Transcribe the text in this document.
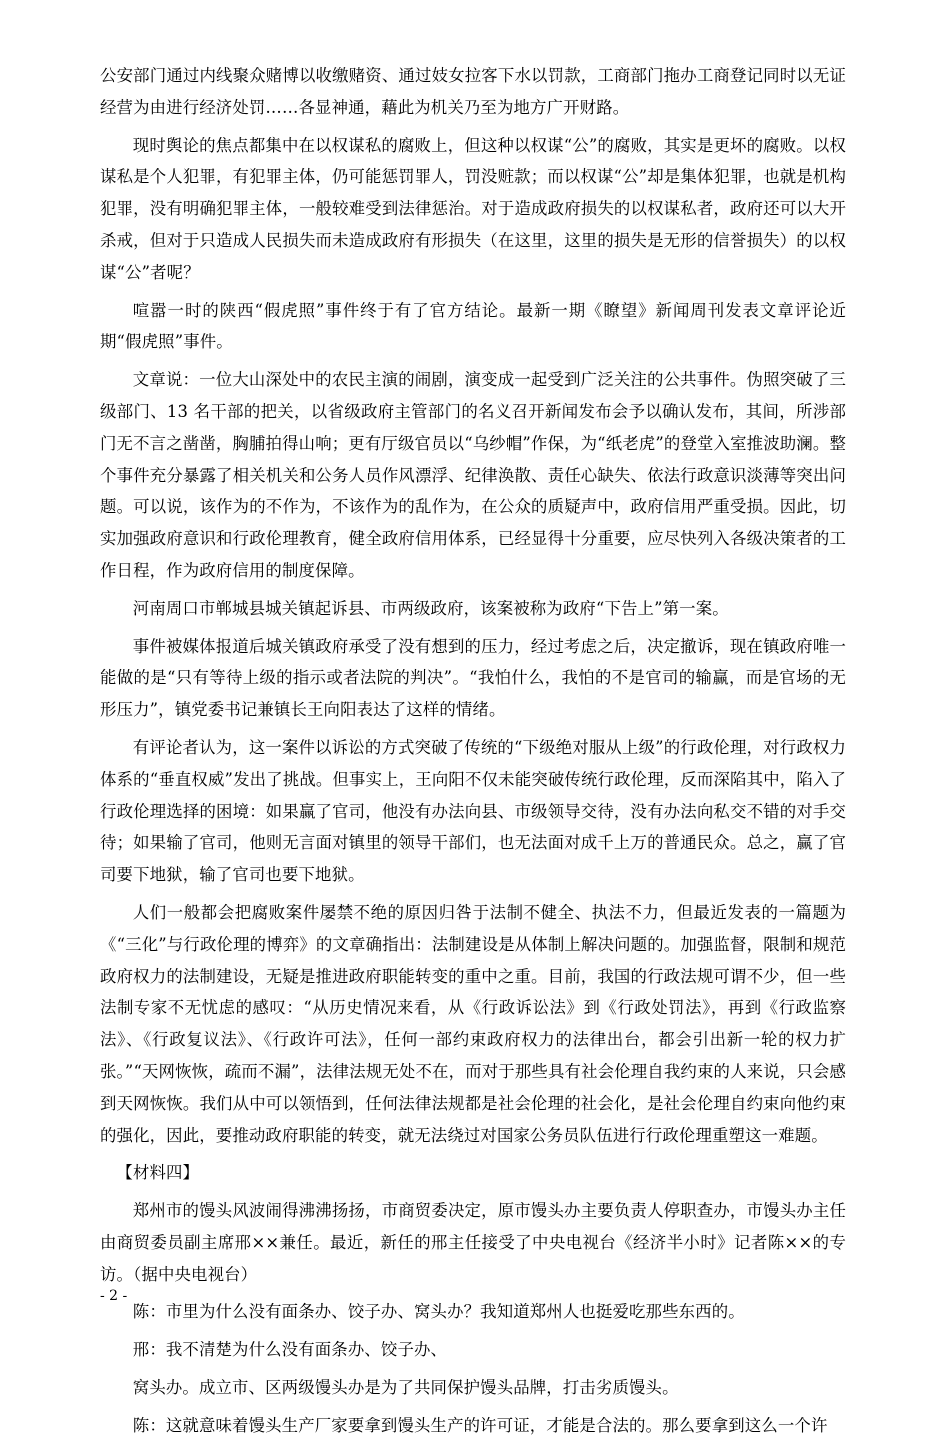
公安部门通过内线聚众赌博以收缴赌资、通过妓女拉客下水以罚款，工商部门拖办工商登记同时以无证经营为由进行经济处罚……各显神通，藉此为机关乃至为地方广开财路。

现时舆论的焦点都集中在以权谋私的腐败上，但这种以权谋“公”的腐败，其实是更坏的腐败。以权谋私是个人犯罪，有犯罪主体，仍可能惩罚罪人，罚没赃款；而以权谋“公”却是集体犯罪，也就是机构犯罪，没有明确犯罪主体，一般较难受到法律惩治。对于造成政府损失的以权谋私者，政府还可以大开杀戒，但对于只造成人民损失而未造成政府有形损失（在这里，这里的损失是无形的信誉损失）的以权谋“公”者呢？

喧嚣一时的陕西“假虎照”事件终于有了官方结论。最新一期《瞭望》新闻周刊发表文章评论近期“假虎照”事件。

文章说：一位大山深处中的农民主演的闹剧，演变成一起受到广泛关注的公共事件。伪照突破了三级部门、13 名干部的把关，以省级政府主管部门的名义召开新闻发布会予以确认发布，其间，所涉部门无不言之凿凿，胸脯拍得山响；更有厅级官员以“乌纱帽”作保，为“纸老虎”的登堂入室推波助澜。整个事件充分暴露了相关机关和公务人员作风漂浮、纪律涣散、责任心缺失、依法行政意识淡薄等突出问题。可以说，该作为的不作为，不该作为的乱作为，在公众的质疑声中，政府信用严重受损。因此，切实加强政府意识和行政伦理教育，健全政府信用体系，已经显得十分重要，应尽快列入各级决策者的工作日程，作为政府信用的制度保障。

河南周口市郸城县城关镇起诉县、市两级政府，该案被称为政府“下告上”第一案。

事件被媒体报道后城关镇政府承受了没有想到的压力，经过考虑之后，决定撤诉，现在镇政府唯一能做的是“只有等待上级的指示或者法院的判决”。“我怕什么，我怕的不是官司的输赢，而是官场的无形压力”，镇党委书记兼镇长王向阳表达了这样的情绪。

有评论者认为，这一案件以诉讼的方式突破了传统的“下级绝对服从上级”的行政伦理，对行政权力体系的“垂直权威”发出了挑战。但事实上，王向阳不仅未能突破传统行政伦理，反而深陷其中，陷入了行政伦理选择的困境：如果赢了官司，他没有办法向县、市级领导交待，没有办法向私交不错的对手交待；如果输了官司，他则无言面对镇里的领导干部们，也无法面对成千上万的普通民众。总之，赢了官司要下地狱，输了官司也要下地狱。

人们一般都会把腐败案件屡禁不绝的原因归咎于法制不健全、执法不力，但最近发表的一篇题为《“三化”与行政伦理的博弈》的文章确指出：法制建设是从体制上解决问题的。加强监督，限制和规范政府权力的法制建设，无疑是推进政府职能转变的重中之重。目前，我国的行政法规可谓不少，但一些法制专家不无忧虑的感叹：“从历史情况来看，从《行政诉讼法》到《行政处罚法》，再到《行政监察法》、《行政复议法》、《行政许可法》，任何一部约束政府权力的法律出台，都会引出新一轮的权力扩张。”“天网恢恢，疏而不漏”，法律法规无处不在，而对于那些具有社会伦理自我约束的人来说，只会感到天网恢恢。我们从中可以领悟到，任何法律法规都是社会伦理的社会化，是社会伦理自约束向他约束的强化，因此，要推动政府职能的转变，就无法绕过对国家公务员队伍进行行政伦理重塑这一难题。

【材料四】

郑州市的馒头风波闹得沸沸扬扬，市商贸委决定，原市馒头办主要负责人停职查办，市馒头办主任由商贸委员副主席邢××兼任。最近，新任的邢主任接受了中央电视台《经济半小时》记者陈××的专访。（据中央电视台）

陈：市里为什么没有面条办、饺子办、窝头办？我知道郑州人也挺爱吃那些东西的。

邢：我不清楚为什么没有面条办、饺子办、

窝头办。成立市、区两级馒头办是为了共同保护馒头品牌，打击劣质馒头。

陈：这就意味着馒头生产厂家要拿到馒头生产的许可证，才能是合法的。那么要拿到这么一个许

- 2 -
